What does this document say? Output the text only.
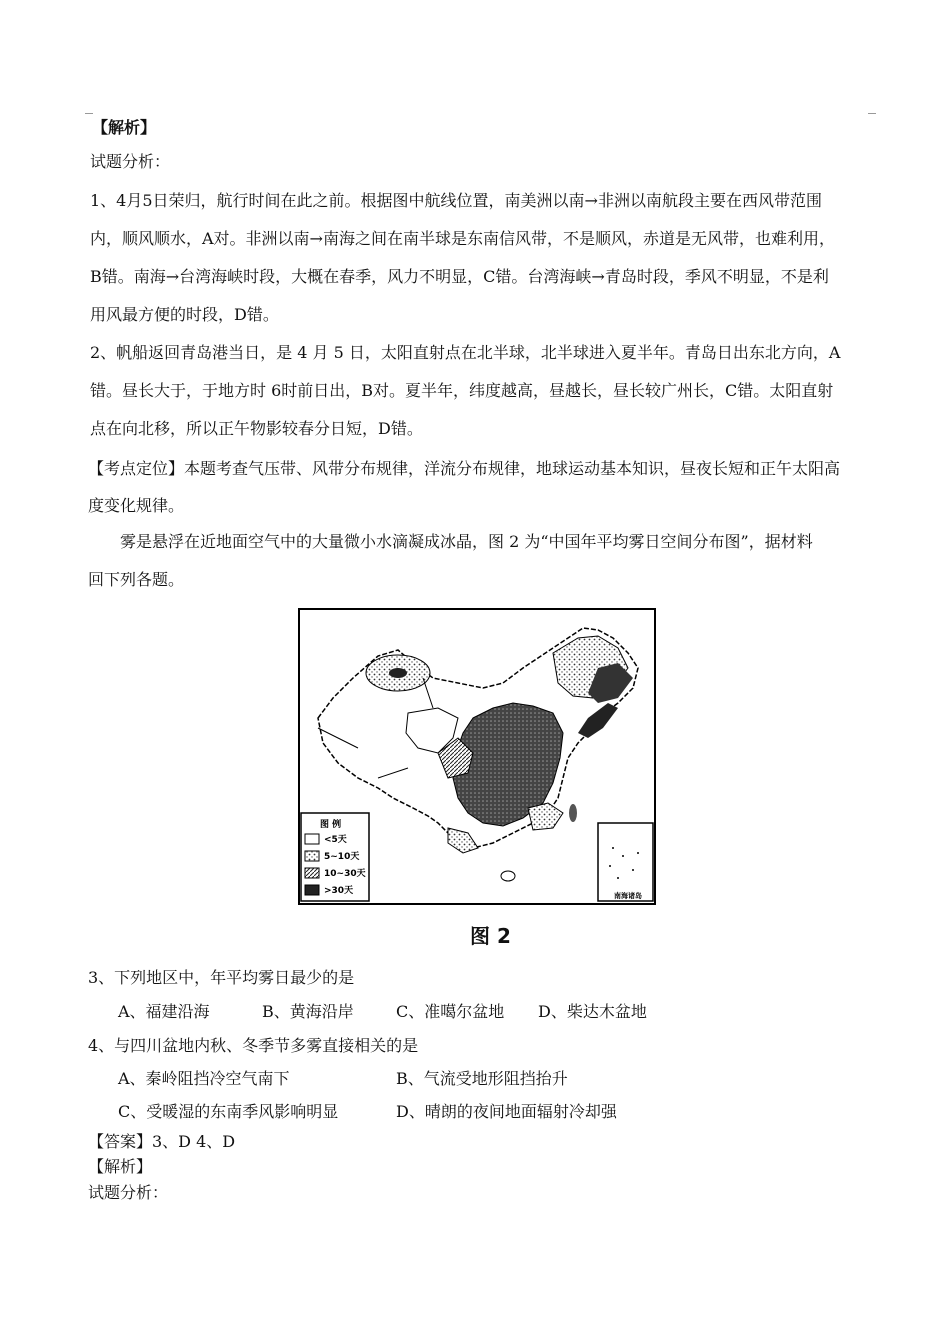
【解析】
试题分析：
1、4月5日荣归，航行时间在此之前。根据图中航线位置，南美洲以南→非洲以南航段主要在西风带范围
内，顺风顺水，A对。非洲以南→南海之间在南半球是东南信风带，不是顺风，赤道是无风带，也难利用，
B错。南海→台湾海峡时段，大概在春季，风力不明显，C错。台湾海峡→青岛时段，季风不明显，不是利
用风最方便的时段，D错。
2、帆船返回青岛港当日，是 4 月 5 日，太阳直射点在北半球，北半球进入夏半年。青岛日出东北方向，A
错。昼长大于，于地方时 6时前日出，B对。夏半年，纬度越高，昼越长，昼长较广州长，C错。太阳直射
点在向北移，所以正午物影较春分日短，D错。
【考点定位】本题考查气压带、风带分布规律，洋流分布规律，地球运动基本知识，昼夜长短和正午太阳高
度变化规律。
雾是悬浮在近地面空气中的大量微小水滴凝成冰晶，图 2 为“中国年平均雾日空间分布图”，据材料
回下列各题。
图 例
<5天
5~10天
10~30天
>30天	南海诸岛
图 2
3、下列地区中，年平均雾日最少的是
A、福建沿海	B、黄海沿岸	C、准噶尔盆地 D、柴达木盆地
4、与四川盆地内秋、冬季节多雾直接相关的是
A、秦岭阻挡冷空气南下	B、气流受地形阻挡抬升
C、受暖湿的东南季风影响明显	D、晴朗的夜间地面辐射冷却强
【答案】3、D 4、D
【解析】
试题分析：
